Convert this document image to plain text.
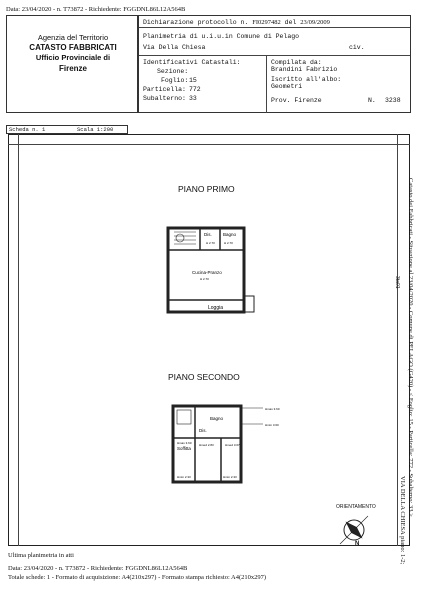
Data: 23/04/2020 - n. T73872 - Richiedente: FGGDNL86L12A564B
Agenzia del Territorio
CATASTO FABBRICATI
Ufficio Provinciale di
Firenze
Dichiarazione protocollo n. FI0297482 del 23/09/2009
Planimetria di u.i.u.in Comune di Pelago
Via Della Chiesa	civ.
Identificativi Catastali:
Sezione:
Foglio: 15
Particella: 772
Subalterno: 33
Compilata da:
Brandini Fabrizio
Iscritto all'albo:
Geometri
Prov. Firenze	N. 3238
Scheda n. 1	Scala 1:200
PIANO PRIMO
PIANO SECONDO
Dis.	Bagno
H 2.70	H 2.70
Cucina-Pranzo
H 2.70
Loggia
Bagno
Dis.
Soffitta
Hmax 3.60
Hmin 3.60
Hmax 3.60 Hmed 2.83	Hmed 3.07
Hmin 2.33	Hmin 2.33
ORIENTAMENTO
N
Catasto dei Fabbricati - Situazione al 23/04/2020 - Comune di PELAGO (G420) - < Foglio: 15 - Particella: 772 - Subalterno: 33 >
VIA DELLA CHIESA piano: 1-2;
3ta01
Ultima planimetria in atti
Data: 23/04/2020 - n. T73872 - Richiedente: FGGDNL86L12A564B
Totale schede: 1 - Formato di acquisizione: A4(210x297) - Formato stampa richiesto: A4(210x297)
